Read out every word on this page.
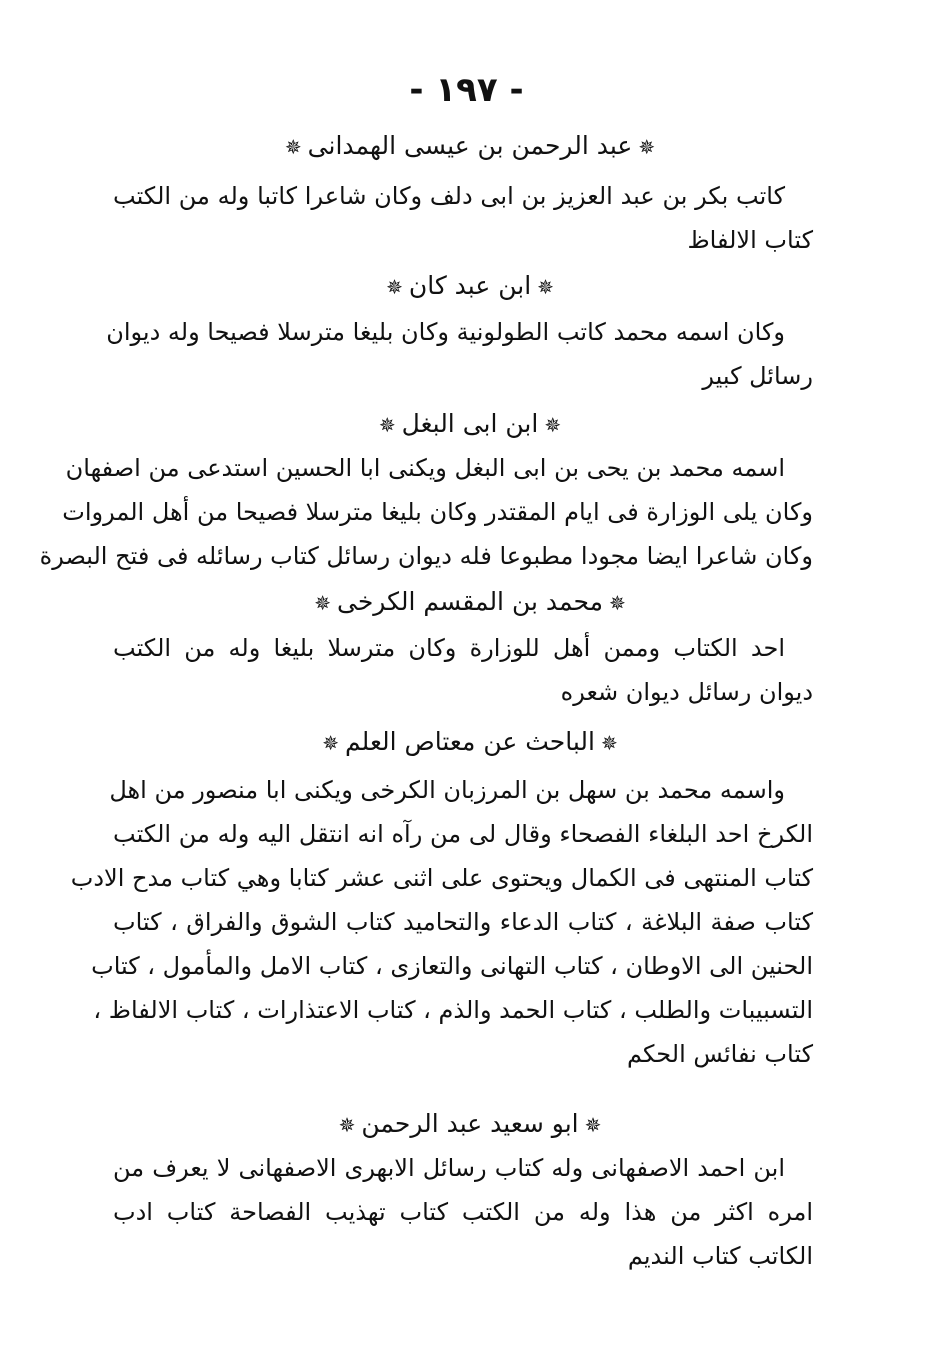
- ١٩٧ -
✵عبد الرحمن بن عيسى الهمدانى✵
كاتب بكر بن عبد العزيز بن ابى دلف وكان شاعرا كاتبا وله من الكتب
كتاب الالفاظ
✵ابن عبد كان✵
وكان اسمه محمد كاتب الطولونية وكان بليغا مترسلا فصيحا وله ديوان
رسائل كبير
✵ابن ابى البغل✵
اسمه محمد بن يحى بن ابى البغل ويكنى ابا الحسين استدعى من اصفهان
وكان يلى الوزارة فى ايام المقتدر وكان بليغا مترسلا فصيحا من أهل المروات
وكان شاعرا ايضا مجودا مطبوعا فله ديوان رسائل كتاب رسائله فى فتح البصرة
✵محمد بن المقسم الكرخى✵
احد الكتاب وممن أهل للوزارة وكان مترسلا بليغا وله من الكتب
ديوان رسائل ديوان شعره
✵الباحث عن معتاص العلم✵
واسمه محمد بن سهل بن المرزبان الكرخى ويكنى ابا منصور من اهل
الكرخ احد البلغاء الفصحاء وقال لى من رآه انه انتقل اليه وله من الكتب
كتاب المنتهى فى الكمال ويحتوى على اثنى عشر كتابا وهي كتاب مدح الادب
كتاب صفة البلاغة ، كتاب الدعاء والتحاميد كتاب الشوق والفراق ، كتاب
الحنين الى الاوطان ، كتاب التهانى والتعازى ، كتاب الامل والمأمول ، كتاب
التسبيبات والطلب ، كتاب الحمد والذم ، كتاب الاعتذارات ، كتاب الالفاظ ،
كتاب نفائس الحكم
✵ابو سعيد عبد الرحمن✵
ابن احمد الاصفهانى وله كتاب رسائل الابهرى الاصفهانى لا يعرف من
امره اكثر من هذا وله من الكتب كتاب تهذيب الفصاحة كتاب ادب
الكاتب كتاب النديم
